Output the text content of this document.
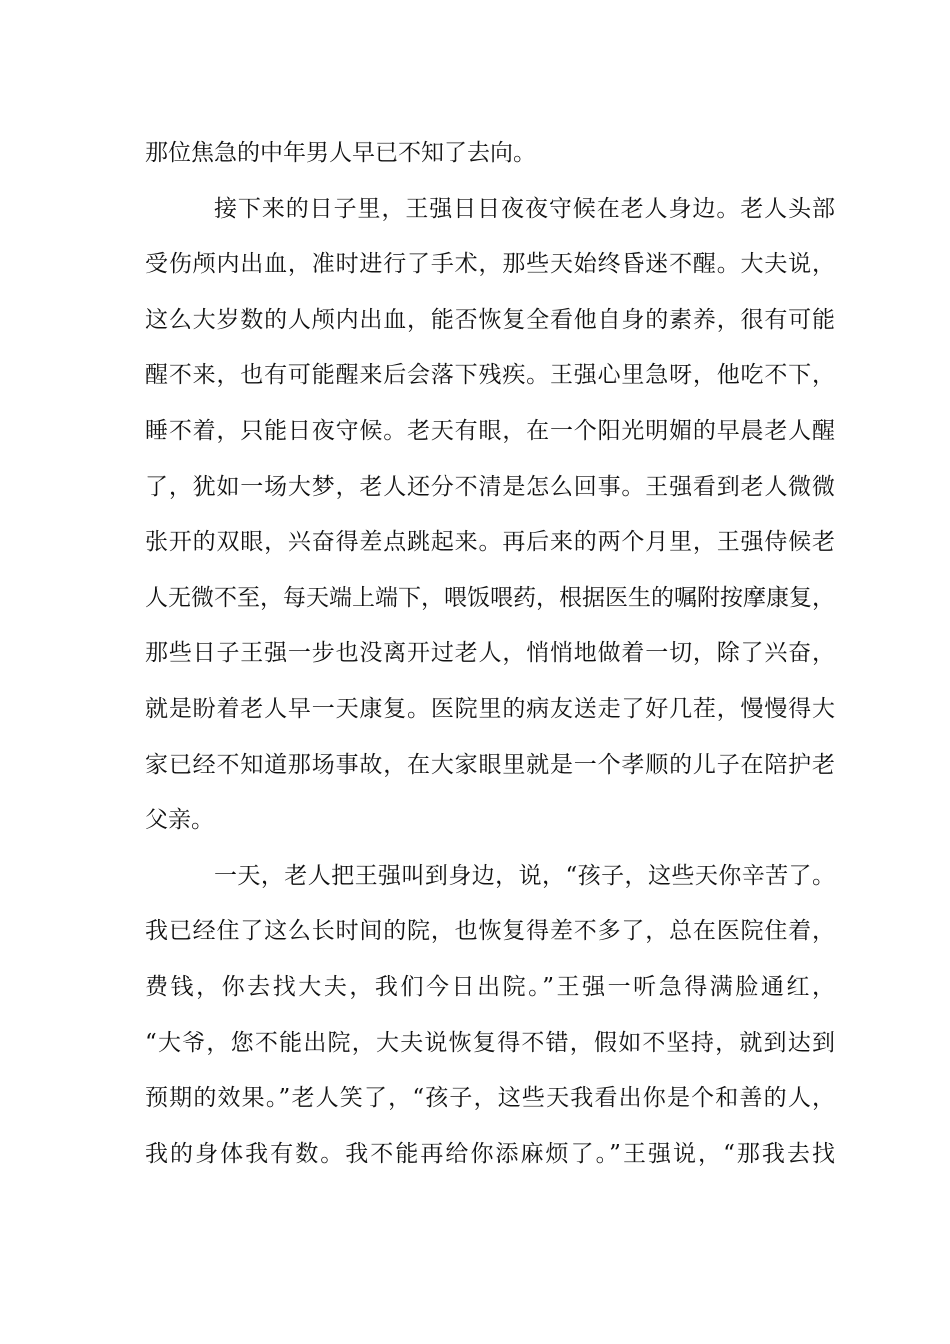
那位焦急的中年男人早已不知了去向。
接下来的日子里，王强日日夜夜守候在老人身边。老人头部
受伤颅内出血，准时进行了手术，那些天始终昏迷不醒。大夫说，
这么大岁数的人颅内出血，能否恢复全看他自身的素养，很有可能
醒不来，也有可能醒来后会落下残疾。王强心里急呀，他吃不下，
睡不着，只能日夜守候。老天有眼，在一个阳光明媚的早晨老人醒
了，犹如一场大梦，老人还分不清是怎么回事。王强看到老人微微
张开的双眼，兴奋得差点跳起来。再后来的两个月里，王强侍候老
人无微不至，每天端上端下，喂饭喂药，根据医生的嘱附按摩康复，
那些日子王强一步也没离开过老人，悄悄地做着一切，除了兴奋，
就是盼着老人早一天康复。医院里的病友送走了好几茬，慢慢得大
家已经不知道那场事故，在大家眼里就是一个孝顺的儿子在陪护老
父亲。
一天，老人把王强叫到身边，说，“孩子，这些天你辛苦了。
我已经住了这么长时间的院，也恢复得差不多了，总在医院住着，
费钱，你去找大夫，我们今日出院。”王强一听急得满脸通红，
“大爷，您不能出院，大夫说恢复得不错，假如不坚持，就到达到
预期的效果。”老人笑了，“孩子，这些天我看出你是个和善的人，
我的身体我有数。我不能再给你添麻烦了。”王强说，“那我去找
